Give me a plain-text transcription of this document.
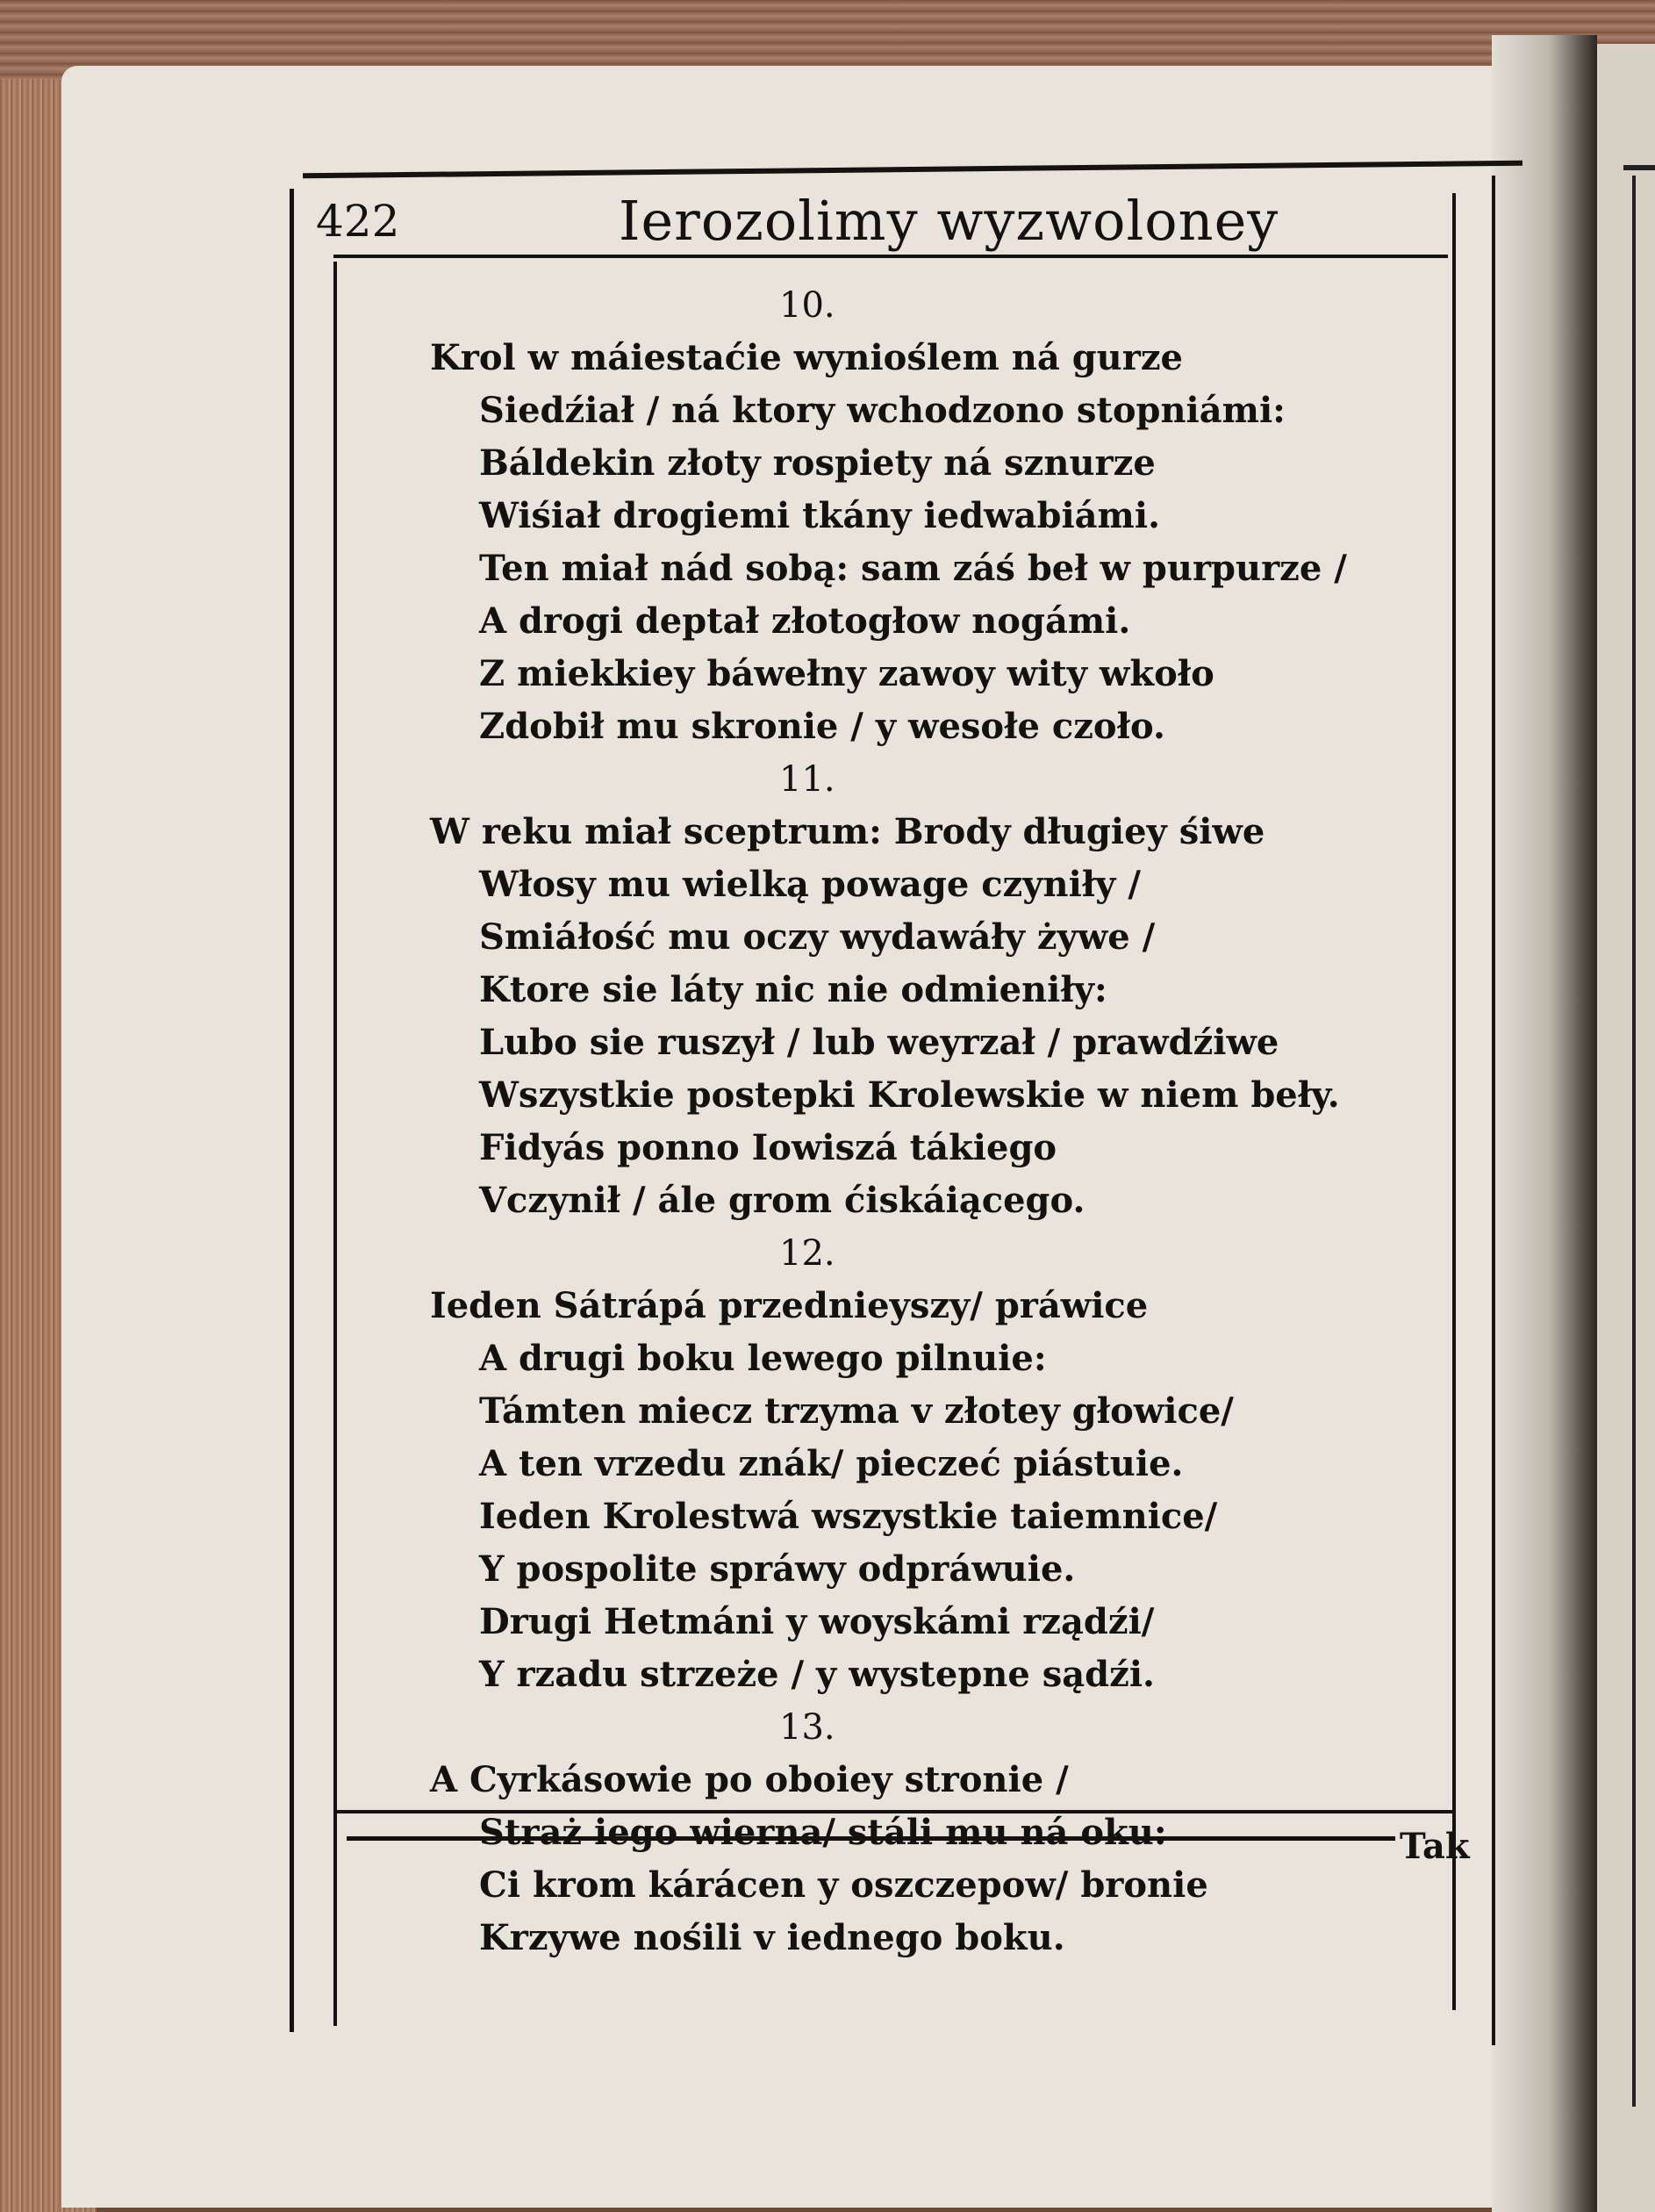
422	Ierozolimy wyzwoloney
10.
Krol w máiestaćie wynioślem ná gurze
Siedźiał / ná ktory wchodzono stopniámi:
Báldekin złoty rospiety ná sznurze
Wiśiał drogiemi tkány iedwabiámi.
Ten miał nád sobą: sam záś beł w purpurze /
A drogi deptał złotogłow nogámi.
Z miekkiey báwełny zawoy wity wkoło
Zdobił mu skronie / y wesołe czoło.
11.
W reku miał sceptrum: Brody długiey śiwe
Włosy mu wielką powage czyniły /
Smiáłość mu oczy wydawáły żywe /
Ktore sie láty nic nie odmieniły:
Lubo sie ruszył / lub weyrzał / prawdźiwe
Wszystkie postepki Krolewskie w niem beły.
Fidyás ponno Iowiszá tákiego
Vczynił / ále grom ćiskáiącego.
12.
Ieden Sátrápá przednieyszy/ práwice
A drugi boku lewego pilnuie:
Támten miecz trzyma v złotey głowice/
A ten vrzedu znák/ pieczeć piástuie.
Ieden Krolestwá wszystkie taiemnice/
Y pospolite spráwy odpráwuie.
Drugi Hetmáni y woyskámi rządźi/
Y rzadu strzeże / y wystepne sądźi.
13.
A Cyrkásowie po oboiey stronie /
Straż iego wierna/ stáli mu ná oku:
Ci krom kárácen y oszczepow/ bronie
Krzywe nośili v iednego boku.
Tak
